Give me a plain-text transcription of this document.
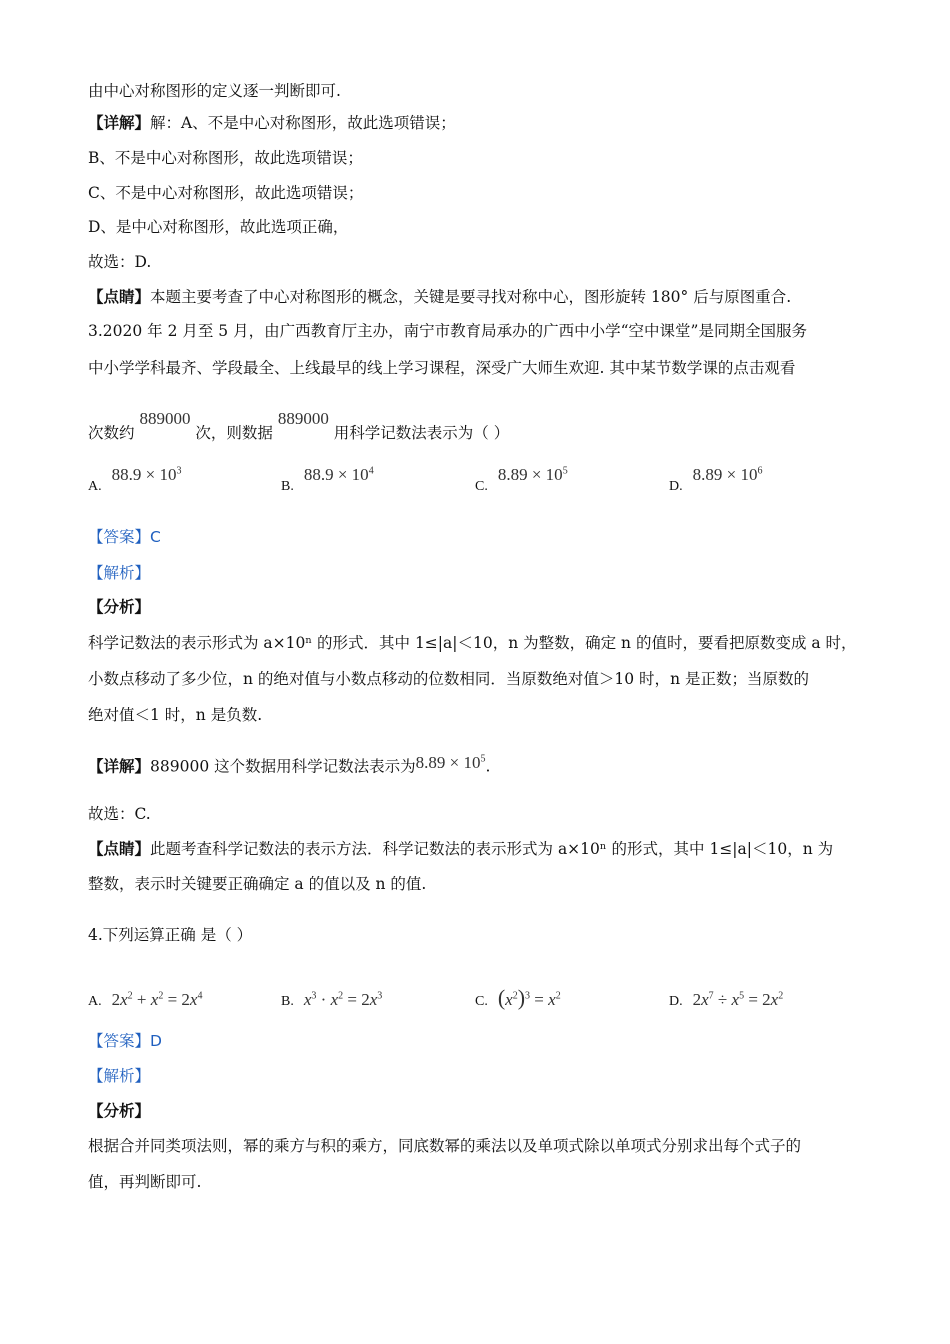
由中心对称图形的定义逐一判断即可.
【详解】解：A、不是中心对称图形，故此选项错误；
B、不是中心对称图形，故此选项错误；
C、不是中心对称图形，故此选项错误；
D、是中心对称图形，故此选项正确，
故选：D.
【点睛】本题主要考查了中心对称图形的概念，关键是要寻找对称中心，图形旋转 180° 后与原图重合.
3.2020 年 2 月至 5 月，由广西教育厅主办，南宁市教育局承办的广西中小学“空中课堂”是同期全国服务
中小学学科最齐、学段最全、上线最早的线上学习课程，深受广大师生欢迎. 其中某节数学课的点击观看
次数约 889000 次，则数据 889000 用科学记数法表示为（ ）
$A.88.9 \times 10^3$
$B.88.9 \times 10^4$
$C.8.89 \times 10^5$
$D.8.89 \times 10^6$
【答案】C
【解析】
【分析】
科学记数法的表示形式为 a×10ⁿ 的形式．其中 1≤|a|＜10，n 为整数，确定 n 的值时，要看把原数变成 a 时，
小数点移动了多少位，n 的绝对值与小数点移动的位数相同．当原数绝对值＞10 时，n 是正数；当原数的
绝对值＜1 时，n 是负数.
【详解】889000 这个数据用科学记数法表示为$8.89 \times 10^5$.
故选：C.
【点睛】此题考查科学记数法的表示方法．科学记数法的表示形式为 a×10ⁿ 的形式，其中 1≤|a|＜10，n 为
整数，表示时关键要正确确定 a 的值以及 n 的值.
4.下列运算正确 是（ ）
A. $2x^2 + x^2 = 2x^4$	B. $x^3 \cdot x^2 = 2x^3$	C. $(x^2)^3 = x^2$	D. $2x^7 \div x^5 = 2x^2$
【答案】D
【解析】
【分析】
根据合并同类项法则，幂的乘方与积的乘方，同底数幂的乘法以及单项式除以单项式分别求出每个式子的
值，再判断即可.
